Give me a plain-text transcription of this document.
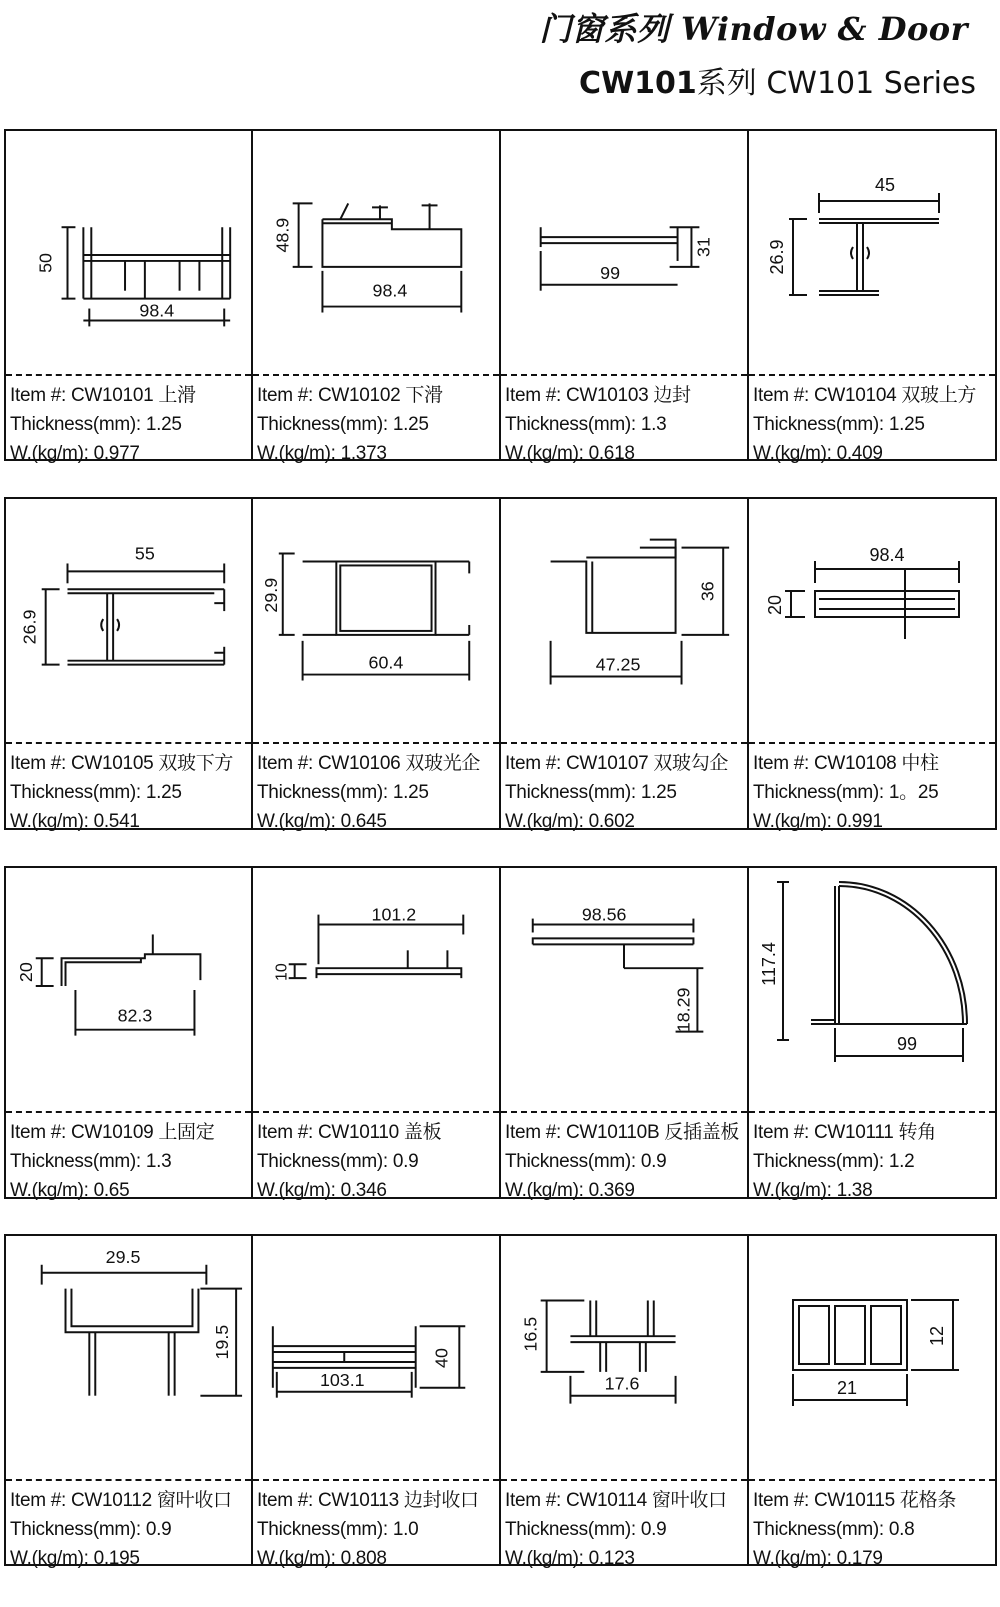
门窗系列 Window & Door
CW101系列 CW101 Series
50
98.4
Item #: CW10101 上滑
Thickness(mm): 1.25
W.(kg/m): 0.977
48.9
98.4
Item #: CW10102 下滑
Thickness(mm): 1.25
W.(kg/m): 1.373
99
31
Item #: CW10103 边封
Thickness(mm): 1.3
W.(kg/m): 0.618
45
26.9
Item #: CW10104 双玻上方
Thickness(mm): 1.25
W.(kg/m): 0.409
55
26.9
Item #: CW10105 双玻下方
Thickness(mm): 1.25
W.(kg/m): 0.541
29.9
60.4
Item #: CW10106 双玻光企
Thickness(mm): 1.25
W.(kg/m): 0.645
36
47.25
Item #: CW10107 双玻勾企
Thickness(mm): 1.25
W.(kg/m): 0.602
98.4
20
Item #: CW10108 中柱
Thickness(mm): 1。25
W.(kg/m): 0.991
20
82.3
Item #: CW10109 上固定
Thickness(mm): 1.3
W.(kg/m): 0.65
101.2
10
Item #: CW10110 盖板
Thickness(mm): 0.9
W.(kg/m): 0.346
98.56
18.29
Item #: CW10110B 反插盖板
Thickness(mm): 0.9
W.(kg/m): 0.369
117.4
99
Item #: CW10111 转角
Thickness(mm): 1.2
W.(kg/m): 1.38
29.5
19.5
Item #: CW10112 窗叶收口
Thickness(mm): 0.9
W.(kg/m): 0.195
40
103.1
Item #: CW10113 边封收口
Thickness(mm): 1.0
W.(kg/m): 0.808
16.5
17.6
Item #: CW10114 窗叶收口
Thickness(mm): 0.9
W.(kg/m): 0.123
12
21
Item #: CW10115 花格条
Thickness(mm): 0.8
W.(kg/m): 0.179
